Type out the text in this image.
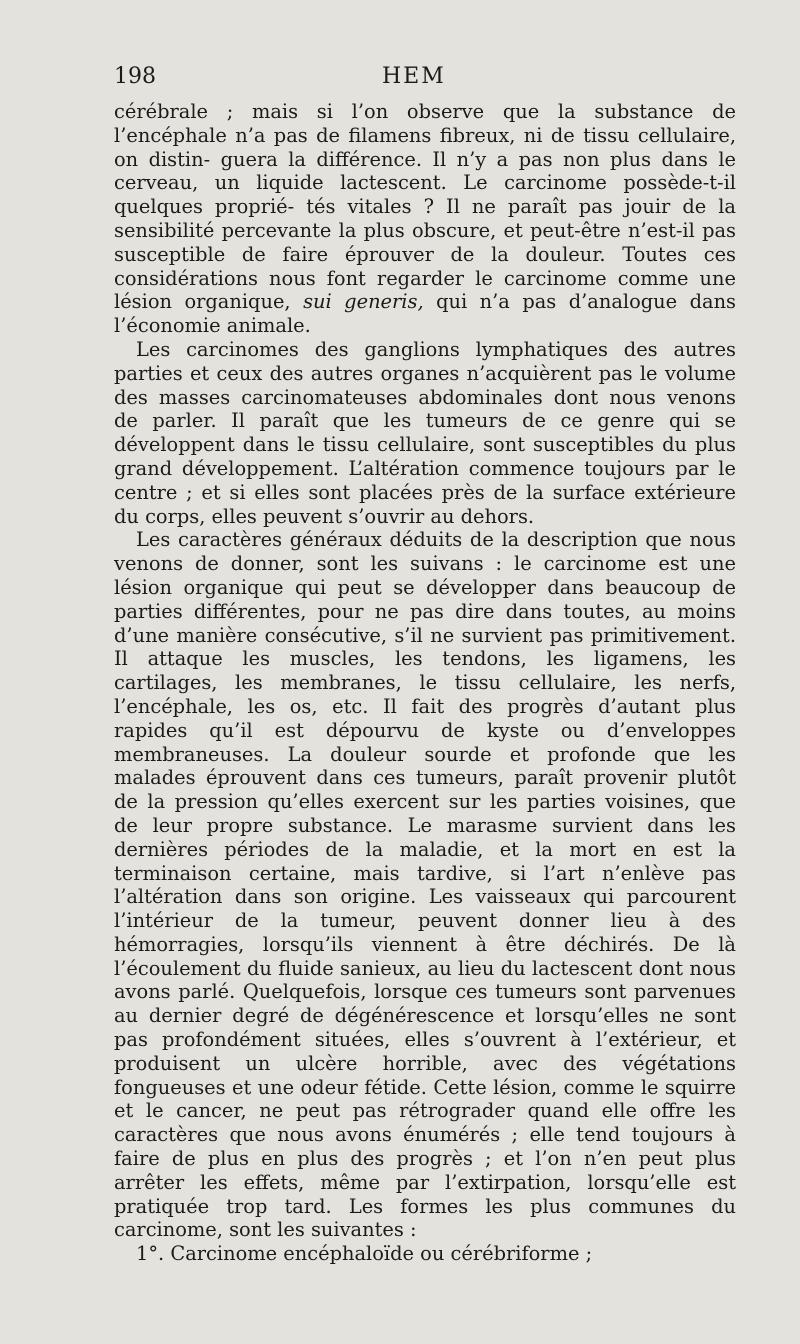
198	HEM

cérébrale ; mais si l’on observe que la substance de l’encéphale n’a pas de filamens fibreux, ni de tissu cellulaire, on distin- guera la différence. Il n’y a pas non plus dans le cerveau, un liquide lactescent. Le carcinome possède-t-il quelques proprié- tés vitales ? Il ne paraît pas jouir de la sensibilité percevante la plus obscure, et peut-être n’est-il pas susceptible de faire éprouver de la douleur. Toutes ces considérations nous font regarder le carcinome comme une lésion organique, sui generis, qui n’a pas d’analogue dans l’économie animale.

Les carcinomes des ganglions lymphatiques des autres parties et ceux des autres organes n’acquièrent pas le volume des masses carcinomateuses abdominales dont nous venons de parler. Il paraît que les tumeurs de ce genre qui se développent dans le tissu cellulaire, sont susceptibles du plus grand développement. L’altération commence toujours par le centre ; et si elles sont placées près de la surface extérieure du corps, elles peuvent s’ouvrir au dehors.

Les caractères généraux déduits de la description que nous venons de donner, sont les suivans : le carcinome est une lésion organique qui peut se développer dans beaucoup de parties différentes, pour ne pas dire dans toutes, au moins d’une manière consécutive, s’il ne survient pas primitivement. Il attaque les muscles, les tendons, les ligamens, les cartilages, les membranes, le tissu cellulaire, les nerfs, l’encéphale, les os, etc. Il fait des progrès d’autant plus rapides qu’il est dépourvu de kyste ou d’enveloppes membraneuses. La douleur sourde et profonde que les malades éprouvent dans ces tumeurs, paraît provenir plutôt de la pression qu’elles exercent sur les parties voisines, que de leur propre substance. Le marasme survient dans les dernières périodes de la maladie, et la mort en est la terminaison certaine, mais tardive, si l’art n’enlève pas l’altération dans son origine. Les vaisseaux qui parcourent l’intérieur de la tumeur, peuvent donner lieu à des hémorragies, lorsqu’ils viennent à être déchirés. De là l’écoulement du fluide sanieux, au lieu du lactescent dont nous avons parlé. Quelquefois, lorsque ces tumeurs sont parvenues au dernier degré de dégénérescence et lorsqu’elles ne sont pas profondément situées, elles s’ouvrent à l’extérieur, et produisent un ulcère horrible, avec des végétations fongueuses et une odeur fétide. Cette lésion, comme le squirre et le cancer, ne peut pas rétrograder quand elle offre les caractères que nous avons énumérés ; elle tend toujours à faire de plus en plus des progrès ; et l’on n’en peut plus arrêter les effets, même par l’extirpation, lorsqu’elle est pratiquée trop tard. Les formes les plus communes du carcinome, sont les suivantes :

1°. Carcinome encéphaloïde ou cérébriforme ;
